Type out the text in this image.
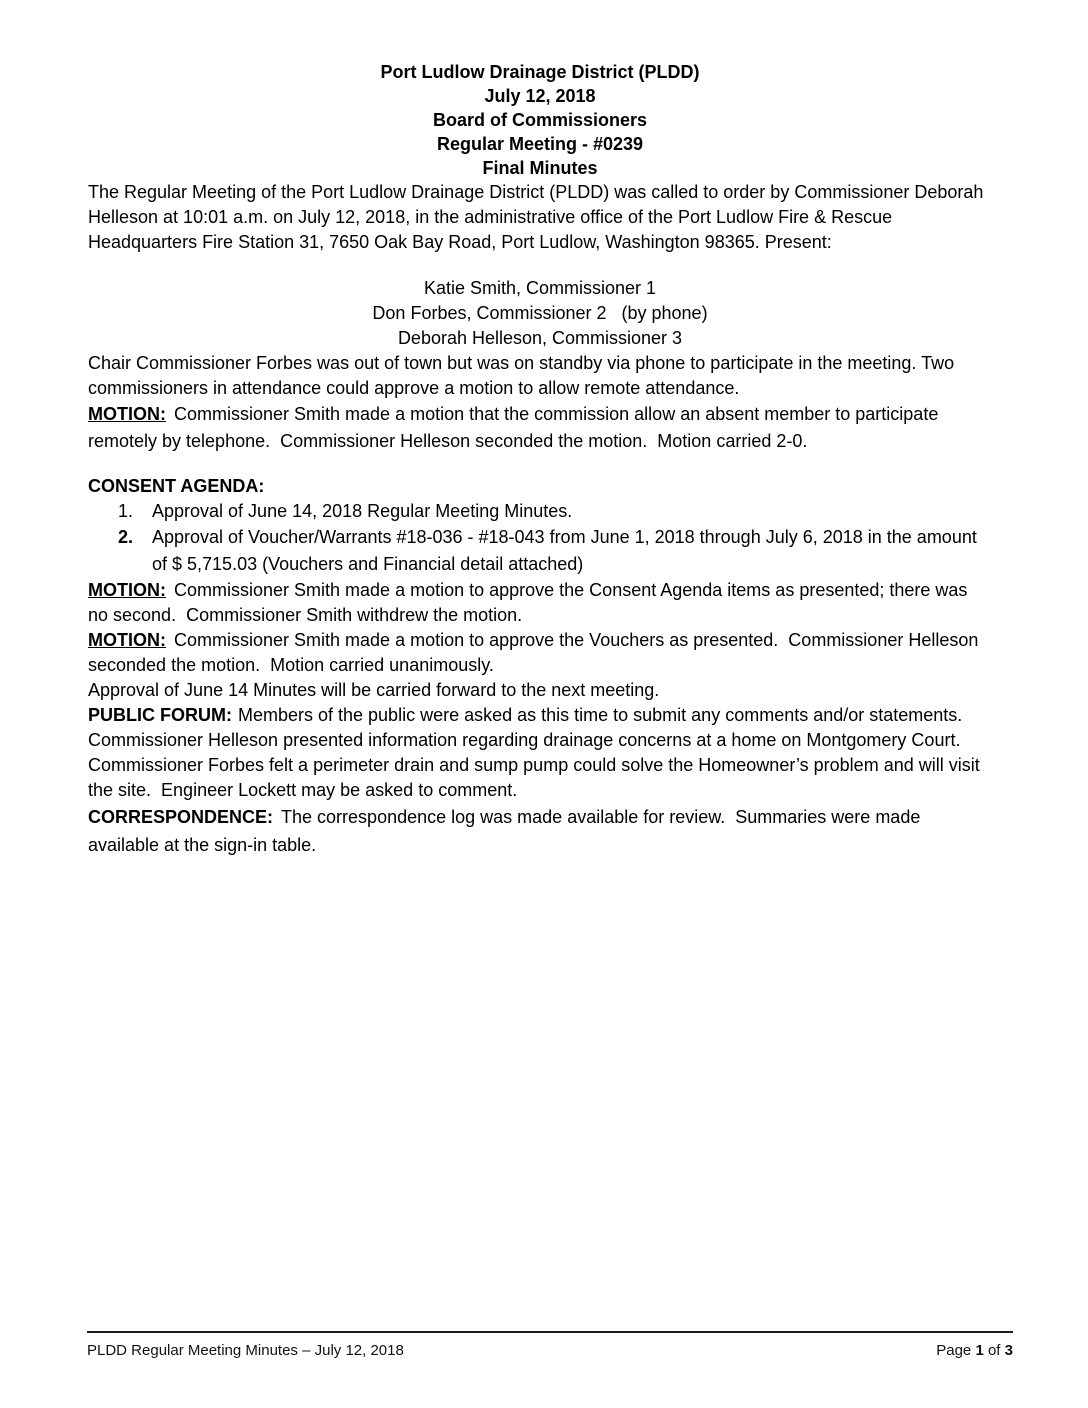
Port Ludlow Drainage District (PLDD)
July 12, 2018
Board of Commissioners
Regular Meeting - #0239
Final Minutes

The Regular Meeting of the Port Ludlow Drainage District (PLDD) was called to order by Commissioner Deborah Helleson at 10:01 a.m. on July 12, 2018, in the administrative office of the Port Ludlow Fire & Rescue Headquarters Fire Station 31, 7650 Oak Bay Road, Port Ludlow, Washington 98365. Present:

Katie Smith, Commissioner 1
Don Forbes, Commissioner 2   (by phone)
Deborah Helleson, Commissioner 3

Chair Commissioner Forbes was out of town but was on standby via phone to participate in the meeting. Two commissioners in attendance could approve a motion to allow remote attendance.

MOTION: Commissioner Smith made a motion that the commission allow an absent member to participate remotely by telephone.  Commissioner Helleson seconded the motion.  Motion carried 2-0.

CONSENT AGENDA:

1.	Approval of June 14, 2018 Regular Meeting Minutes.
2.	Approval of Voucher/Warrants #18-036 - #18-043 from June 1, 2018 through July 6, 2018 in the amount of $ 5,715.03 (Vouchers and Financial detail attached)

MOTION: Commissioner Smith made a motion to approve the Consent Agenda items as presented; there was no second.  Commissioner Smith withdrew the motion.

MOTION: Commissioner Smith made a motion to approve the Vouchers as presented.  Commissioner Helleson seconded the motion.  Motion carried unanimously.

Approval of June 14 Minutes will be carried forward to the next meeting.

PUBLIC FORUM: Members of the public were asked as this time to submit any comments and/or statements. Commissioner Helleson presented information regarding drainage concerns at a home on Montgomery Court. Commissioner Forbes felt a perimeter drain and sump pump could solve the Homeowner’s problem and will visit the site.  Engineer Lockett may be asked to comment.

CORRESPONDENCE: The correspondence log was made available for review.  Summaries were made available at the sign-in table.

PLDD Regular Meeting Minutes – July 12, 2018	Page 1 of 3
